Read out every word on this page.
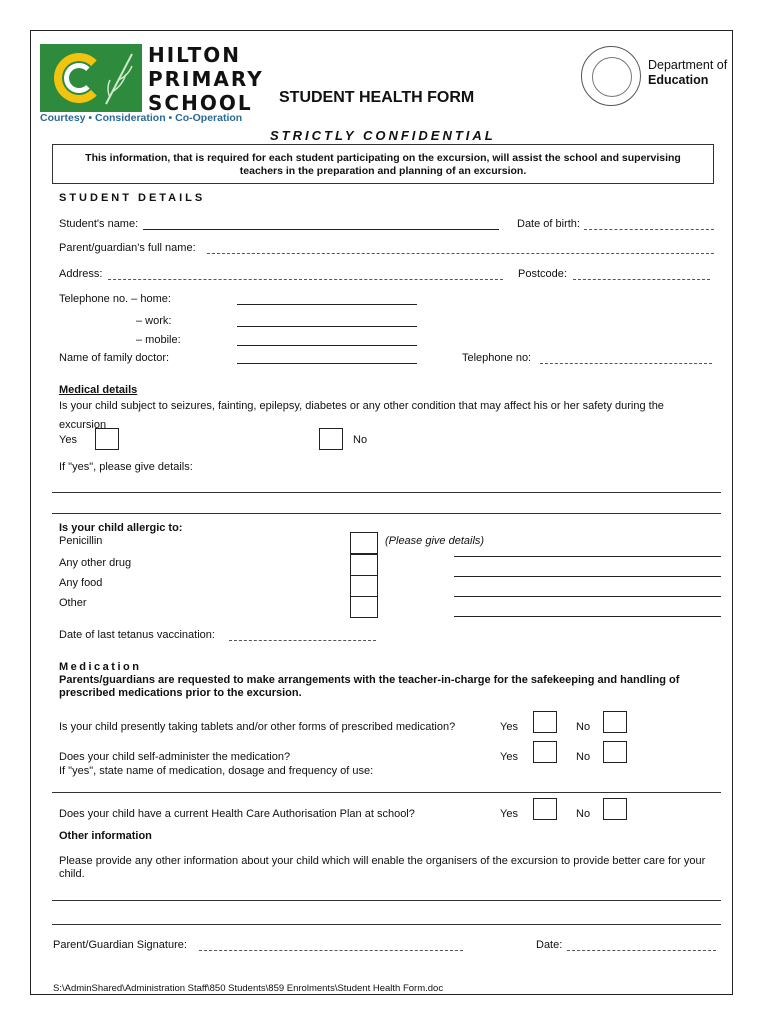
HILTON
PRIMARY
SCHOOL
Courtesy • Consideration • Co-Operation
STUDENT HEALTH FORM
Department of
Education
STRICTLY CONFIDENTIAL
This information, that is required for each student participating on the excursion, will assist the school and supervising teachers in the preparation and planning of an excursion.
STUDENT DETAILS
Student's name:	Date of birth:
Parent/guardian's full name:
Address:	Postcode:
Telephone no. – home:
– work:
– mobile:
Name of family doctor:	Telephone no:
Medical details
Is your child subject to seizures, fainting, epilepsy, diabetes or any other condition that may affect his or her safety during the excursion
Yes	No
If "yes", please give details:
Is your child allergic to:
Penicillin
Any other drug
Any food
Other
(Please give details)
Date of last tetanus vaccination:
Medication
Parents/guardians are requested to make arrangements with the teacher-in-charge for the safekeeping and handling of prescribed medications prior to the excursion.
Is your child presently taking tablets and/or other forms of prescribed medication?	Yes	No
Does your child self-administer the medication?
If "yes", state name of medication, dosage and frequency of use:
Yes	No
Does your child have a current Health Care Authorisation Plan at school?	Yes	No
Other information
Please provide any other information about your child which will enable the organisers of the excursion to provide better care for your child.
Parent/Guardian Signature:	Date:
S:\AdminShared\Administration Staff\850 Students\859 Enrolments\Student Health Form.doc
